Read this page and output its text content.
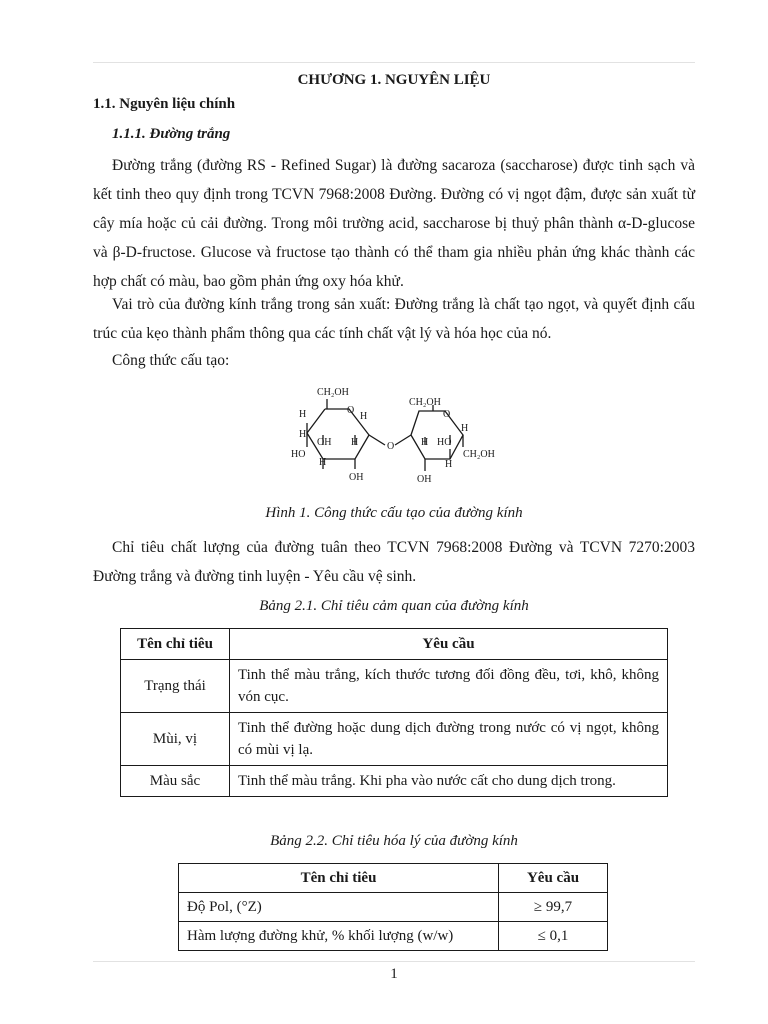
CHƯƠNG 1. NGUYÊN LIỆU
1.1. Nguyên liệu chính
1.1.1. Đường trắng

Đường trắng (đường RS - Refined Sugar) là đường sacaroza (saccharose) được tinh sạch và kết tinh theo quy định trong TCVN 7968:2008 Đường. Đường có vị ngọt đậm, được sản xuất từ cây mía hoặc củ cải đường. Trong môi trường acid, saccharose bị thuỷ phân thành α-D-glucose và β-D-fructose. Glucose và fructose tạo thành có thể tham gia nhiều phản ứng khác thành các hợp chất có màu, bao gồm phản ứng oxy hóa khử.

Vai trò của đường kính trắng trong sản xuất: Đường trắng là chất tạo ngọt, và quyết định cấu trúc của kẹo thành phẩm thông qua các tính chất vật lý và hóa học của nó.

Công thức cấu tạo:

CH₂OH
O
H	H
H
OH H
HO
H
OH
O
CH₂OH
O
H HO
H
CH₂OH
H
OH
Hình 1. Công thức cấu tạo của đường kính

Chỉ tiêu chất lượng của đường tuân theo TCVN 7968:2008 Đường và TCVN 7270:2003 Đường trắng và đường tinh luyện - Yêu cầu vệ sinh.

Bảng 2.1. Chỉ tiêu cảm quan của đường kính
Tên chỉ tiêu	Yêu cầu
Trạng thái	Tinh thể màu trắng, kích thước tương đối đồng đều, tơi, khô, không vón cục.
Mùi, vị	Tinh thể đường hoặc dung dịch đường trong nước có vị ngọt, không có mùi vị lạ.
Màu sắc	Tinh thể màu trắng. Khi pha vào nước cất cho dung dịch trong.
Bảng 2.2. Chỉ tiêu hóa lý của đường kính
Tên chỉ tiêu	Yêu cầu
Độ Pol, (°Z)	≥ 99,7
Hàm lượng đường khử, % khối lượng (w/w)	≤ 0,1
1
